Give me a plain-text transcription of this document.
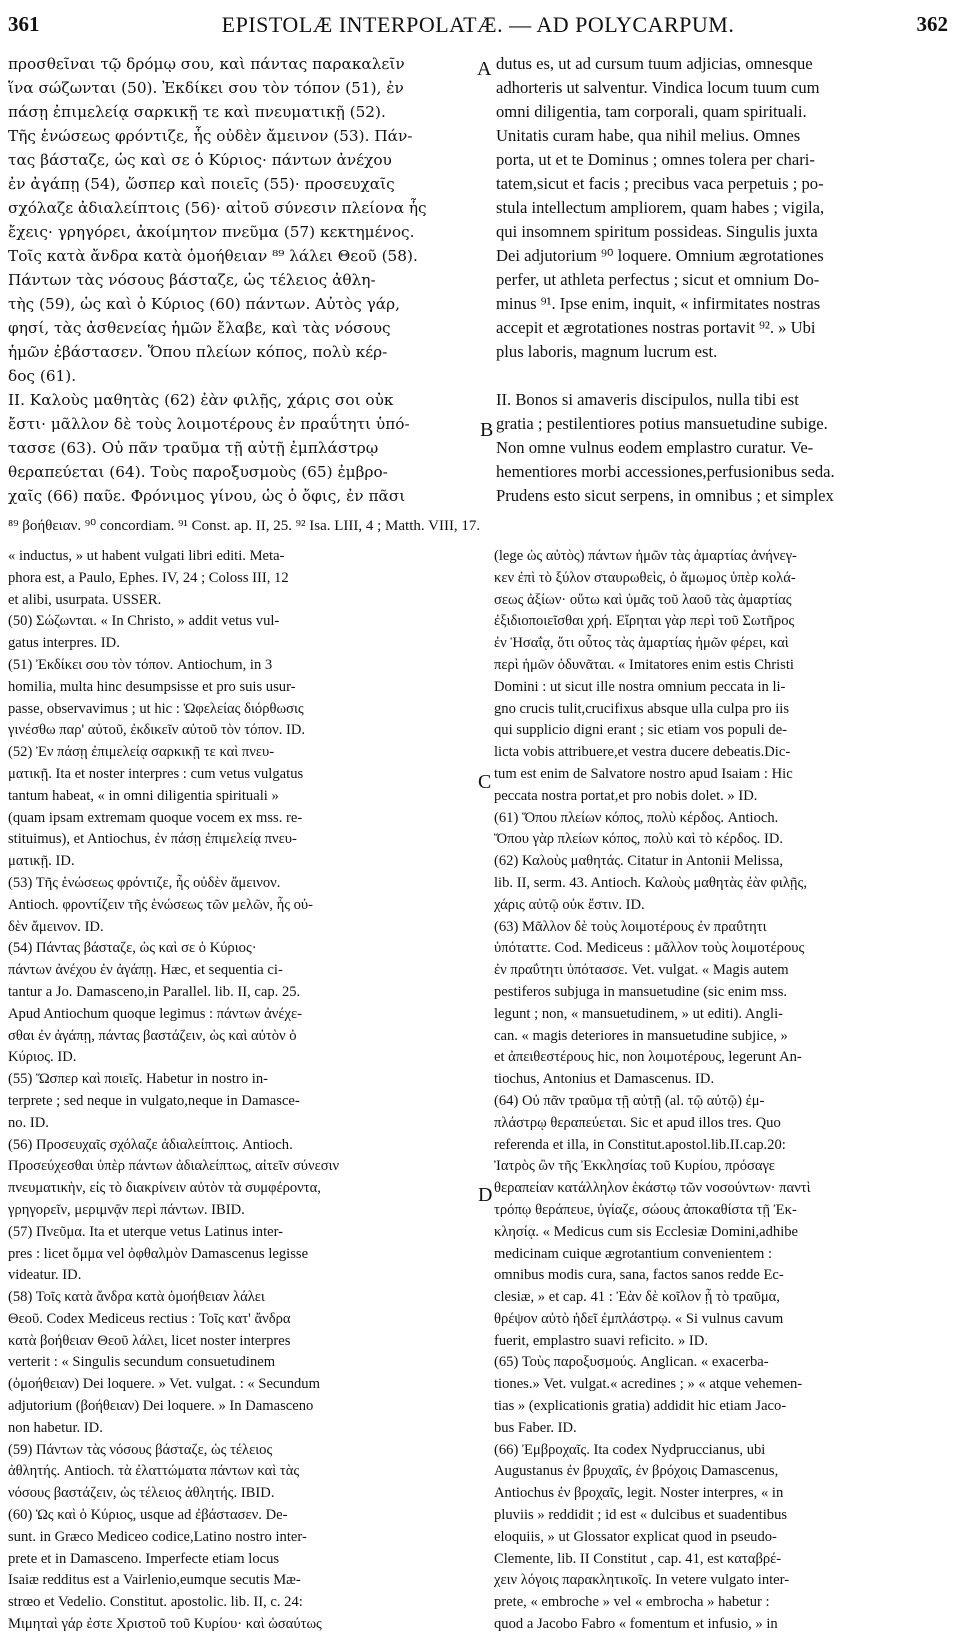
361	EPISTOLÆ INTERPOLATÆ. — AD POLYCARPUM.	362
προσθεῖναι τῷ δρόμῳ σου, καὶ πάντας παρακαλεῖν
ἵνα σώζωνται (50). Ἐκδίκει σου τὸν τόπον (51), ἐν
πάσῃ ἐπιμελείᾳ σαρκικῇ τε καὶ πνευματικῇ (52).
Τῆς ἑνώσεως φρόντιζε, ἧς οὐδὲν ἄμεινον (53). Πάν-
τας βάσταζε, ὡς καὶ σε ὁ Κύριος· πάντων ἀνέχου
ἐν ἀγάπῃ (54), ὥσπερ καὶ ποιεῖς (55)· προσευχαῖς
σχόλαζε ἀδιαλείπτοις (56)· αἰτοῦ σύνεσιν πλείονα ἧς
ἔχεις· γρηγόρει, ἀκοίμητον πνεῦμα (57) κεκτημένος.
Τοῖς κατὰ ἄνδρα κατὰ ὁμοήθειαν ⁸⁹ λάλει Θεοῦ (58).
Πάντων τὰς νόσους βάσταζε, ὡς τέλειος ἀθλη-
τὴς (59), ὡς καὶ ὁ Κύριος (60) πάντων. Αὐτὸς γάρ,
φησί, τὰς ἀσθενείας ἡμῶν ἔλαβε, καὶ τὰς νόσους
ἡμῶν ἐβάστασεν. Ὅπου πλείων κόπος, πολὺ κέρ-
δος (61).
II. Καλοὺς μαθητὰς (62) ἐὰν φιλῇς, χάρις σοι οὐκ
ἔστι· μᾶλλον δὲ τοὺς λοιμοτέρους ἐν πραΰτητι ὑπό-
τασσε (63). Οὐ πᾶν τραῦμα τῇ αὐτῇ ἐμπλάστρῳ
θεραπεύεται (64). Τοὺς παροξυσμοὺς (65) ἐμβρο-
χαῖς (66) παῦε. Φρόνιμος γίνου, ὡς ὁ ὄφις, ἐν πᾶσι
dutus es, ut ad cursum tuum adjicias, omnesque
adhorteris ut salventur. Vindica locum tuum cum
omni diligentia, tam corporali, quam spirituali.
Unitatis curam habe, qua nihil melius. Omnes
porta, ut et te Dominus ; omnes tolera per chari-
tatem,sicut et facis ; precibus vaca perpetuis ; po-
stula intellectum ampliorem, quam habes ; vigila,
qui insomnem spiritum possideas. Singulis juxta
Dei adjutorium ⁹⁰ loquere. Omnium ægrotationes
perfer, ut athleta perfectus ; sicut et omnium Do-
minus ⁹¹. Ipse enim, inquit, « infirmitates nostras
accepit et ægrotationes nostras portavit ⁹². » Ubi
plus laboris, magnum lucrum est.
II. Bonos si amaveris discipulos, nulla tibi est
gratia ; pestilentiores potius mansuetudine subige.
Non omne vulnus eodem emplastro curatur. Ve-
hementiores morbi accessiones,perfusionibus seda.
Prudens esto sicut serpens, in omnibus ; et simplex
A
B
C
D
⁸⁹ βοήθειαν. ⁹⁰ concordiam. ⁹¹ Const. ap. II, 25. ⁹² Isa. LIII, 4 ; Matth. VIII, 17.
« inductus, » ut habent vulgati libri editi. Meta-
phora est, a Paulo, Ephes. IV, 24 ; Coloss III, 12
et alibi, usurpata. USSER.
(50) Σώζωνται. « In Christo, » addit vetus vul-
gatus interpres. ID.
(51) Ἐκδίκει σου τὸν τόπον. Antiochum, in 3
homilia, multa hinc desumpsisse et pro suis usur-
passe, observavimus ; ut hic : Ὠφελείας διόρθωσις
γινέσθω παρ' αὐτοῦ, ἐκδικεῖν αὐτοῦ τὸν τόπον. ID.
(52) Ἐν πάσῃ ἐπιμελείᾳ σαρκικῇ τε καὶ πνευ-
ματικῇ. Ita et noster interpres : cum vetus vulgatus
tantum habeat, « in omni diligentia spirituali »
(quam ipsam extremam quoque vocem ex mss. re-
stituimus), et Antiochus, ἐν πάσῃ ἐπιμελείᾳ πνευ-
ματικῇ. ID.
(53) Τῆς ἑνώσεως φρόντιζε, ἧς οὐδὲν ἄμεινον.
Antioch. φροντίζειν τῆς ἑνώσεως τῶν μελῶν, ἧς οὐ-
δὲν ἄμεινον. ID.
(54) Πάντας βάσταζε, ὡς καὶ σε ὁ Κύριος·
πάντων ἀνέχου ἐν ἀγάπῃ. Hæc, et sequentia ci-
tantur a Jo. Damasceno,in Parallel. lib. II, cap. 25.
Apud Antiochum quoque legimus : πάντων ἀνέχε-
σθαι ἐν ἀγάπῃ, πάντας βαστάζειν, ὡς καὶ αὐτὸν ὁ
Κύριος. ID.
(55) Ὥσπερ καὶ ποιεῖς. Habetur in nostro in-
terprete ; sed neque in vulgato,neque in Damasce-
no. ID.
(56) Προσευχαῖς σχόλαζε ἀδιαλείπτοις. Antioch.
Προσεύχεσθαι ὑπὲρ πάντων ἀδιαλείπτως, αἰτεῖν σύνεσιν
πνευματικὴν, εἰς τὸ διακρίνειν αὐτὸν τὰ συμφέροντα,
γρηγορεῖν, μεριμνᾷν περὶ πάντων. IBID.
(57) Πνεῦμα. Ita et uterque vetus Latinus inter-
pres : licet ὄμμα vel ὀφθαλμὸν Damascenus legisse
videatur. ID.
(58) Τοῖς κατὰ ἄνδρα κατὰ ὁμοήθειαν λάλει
Θεοῦ. Codex Mediceus rectius : Τοῖς κατ' ἄνδρα
κατὰ βοήθειαν Θεοῦ λάλει, licet noster interpres
verterit : « Singulis secundum consuetudinem
(ὁμοήθειαν) Dei loquere. » Vet. vulgat. : « Secundum
adjutorium (βοήθειαν) Dei loquere. » In Damasceno
non habetur. ID.
(59) Πάντων τὰς νόσους βάσταζε, ὡς τέλειος
ἀθλητής. Antioch. τὰ ἐλαττώματα πάντων καὶ τὰς
νόσους βαστάζειν, ὡς τέλειος ἀθλητής. IBID.
(60) Ὡς καὶ ὁ Κύριος, usque ad ἐβάστασεν. De-
sunt. in Græco Mediceo codice,Latino nostro inter-
prete et in Damasceno. Imperfecte etiam locus
Isaiæ redditus est a Vairlenio,eumque secutis Mæ-
strœo et Vedelio. Constitut. apostolic. lib. II, c. 24:
Μιμηταὶ γάρ ἐστε Χριστοῦ τοῦ Κυρίου· καὶ ὡσαύτως
(lege ὡς αὐτὸς) πάντων ἡμῶν τὰς ἁμαρτίας ἀνήνεγ-
κεν ἐπὶ τὸ ξύλον σταυρωθεὶς, ὁ ἄμωμος ὑπὲρ κολά-
σεως ἀξίων· οὕτω καὶ ὑμᾶς τοῦ λαοῦ τὰς ἁμαρτίας
ἐξιδιοποιεῖσθαι χρή. Εἴρηται γὰρ περὶ τοῦ Σωτῆρος
ἐν Ἡσαΐᾳ, ὅτι οὗτος τὰς ἁμαρτίας ἡμῶν φέρει, καὶ
περὶ ἡμῶν ὀδυνᾶται. « Imitatores enim estis Christi
Domini : ut sicut ille nostra omnium peccata in li-
gno crucis tulit,crucifixus absque ulla culpa pro iis
qui supplicio digni erant ; sic etiam vos populi de-
licta vobis attribuere,et vestra ducere debeatis.Dic-
tum est enim de Salvatore nostro apud Isaiam : Hic
peccata nostra portat,et pro nobis dolet. » ID.
(61) Ὅπου πλείων κόπος, πολὺ κέρδος. Antioch.
Ὅπου γὰρ πλείων κόπος, πολὺ καὶ τὸ κέρδος. ID.
(62) Καλοὺς μαθητάς. Citatur in Antonii Melissa,
lib. II, serm. 43. Antioch. Καλοὺς μαθητὰς ἐὰν φιλῇς,
χάρις αὐτῷ οὐκ ἔστιν. ID.
(63) Μᾶλλον δὲ τοὺς λοιμοτέρους ἐν πραΰτητι
ὑπόταττε. Cod. Mediceus : μᾶλλον τοὺς λοιμοτέρους
ἐν πραΰτητι ὑπότασσε. Vet. vulgat. « Magis autem
pestiferos subjuga in mansuetudine (sic enim mss.
legunt ; non, « mansuetudinem, » ut editi). Angli-
can. « magis deteriores in mansuetudine subjice, »
et ἀπειθεστέρους hic, non λοιμοτέρους, legerunt An-
tiochus, Antonius et Damascenus. ID.
(64) Οὐ πᾶν τραῦμα τῇ αὐτῇ (al. τῷ αὐτῷ) ἐμ-
πλάστρῳ θεραπεύεται. Sic et apud illos tres. Quo
referenda et illa, in Constitut.apostol.lib.II.cap.20:
Ἰατρὸς ὢν τῆς Ἐκκλησίας τοῦ Κυρίου, πρόσαγε
θεραπείαν κατάλληλον ἑκάστῳ τῶν νοσούντων· παντὶ
τρόπῳ θεράπευε, ὑγίαζε, σώους ἀποκαθίστα τῇ Ἐκ-
κλησίᾳ. « Medicus cum sis Ecclesiæ Domini,adhibe
medicinam cuique ægrotantium convenientem :
omnibus modis cura, sana, factos sanos redde Ec-
clesiæ, » et cap. 41 : Ἐὰν δὲ κοῖλον ᾖ τὸ τραῦμα,
θρέψον αὐτὸ ἡδεῖ ἐμπλάστρῳ. « Si vulnus cavum
fuerit, emplastro suavi reficito. » ID.
(65) Τοὺς παροξυσμούς. Anglican. « exacerba-
tiones.» Vet. vulgat.« acredines ; » « atque vehemen-
tias » (explicationis gratia) addidit hic etiam Jaco-
bus Faber. ID.
(66) Ἐμβροχαῖς. Ita codex Nydpruccianus, ubi
Augustanus ἐν βρυχαῖς, ἐν βρόχοις Damascenus,
Antiochus ἐν βροχαῖς, legit. Noster interpres, « in
pluviis » reddidit ; id est « dulcibus et suadentibus
eloquiis, » ut Glossator explicat quod in pseudo-
Clemente, lib. II Constitut , cap. 41, est καταβρέ-
χειν λόγοις παρακλητικοῖς. In vetere vulgato inter-
prete, « embroche » vel « embrocha » habetur :
quod a Jacobo Fabro « fomentum et infusio, » in
